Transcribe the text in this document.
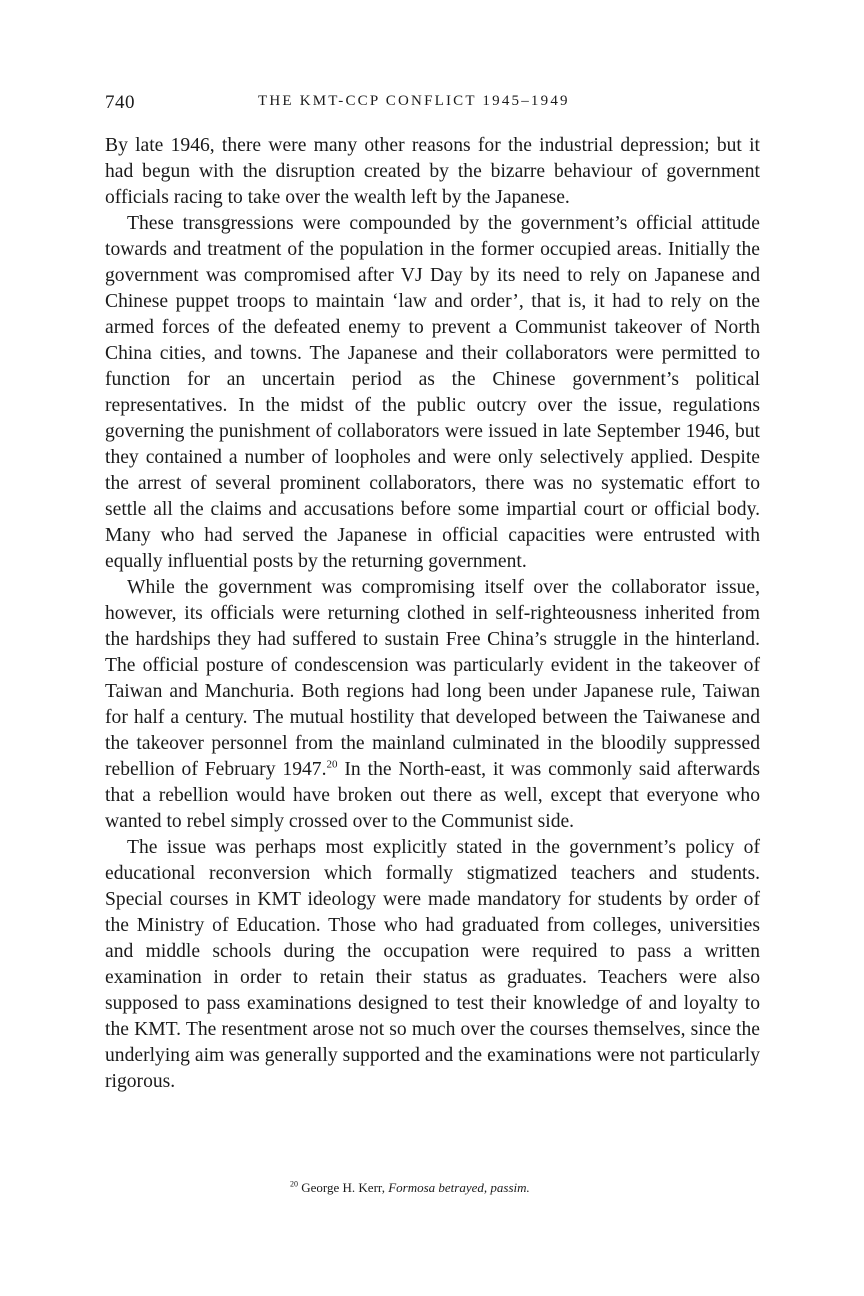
740	THE KMT-CCP CONFLICT 1945–1949

By late 1946, there were many other reasons for the industrial depression; but it had begun with the disruption created by the bizarre behaviour of government officials racing to take over the wealth left by the Japanese.

These transgressions were compounded by the government’s official attitude towards and treatment of the population in the former occupied areas. Initially the government was compromised after VJ Day by its need to rely on Japanese and Chinese puppet troops to maintain ‘law and order’, that is, it had to rely on the armed forces of the defeated enemy to prevent a Communist takeover of North China cities, and towns. The Japanese and their collaborators were permitted to function for an uncertain period as the Chinese government’s political representatives. In the midst of the public outcry over the issue, regulations governing the punishment of collaborators were issued in late September 1946, but they contained a number of loopholes and were only selectively applied. Despite the arrest of several prominent collaborators, there was no systematic effort to settle all the claims and accusations before some impartial court or official body. Many who had served the Japanese in official capacities were entrusted with equally influential posts by the returning government.

While the government was compromising itself over the collaborator issue, however, its officials were returning clothed in self-righteousness inherited from the hardships they had suffered to sustain Free China’s struggle in the hinterland. The official posture of condescension was particularly evident in the takeover of Taiwan and Manchuria. Both regions had long been under Japanese rule, Taiwan for half a century. The mutual hostility that developed between the Taiwanese and the takeover personnel from the mainland culminated in the bloodily suppressed rebellion of February 1947.20 In the North-east, it was commonly said afterwards that a rebellion would have broken out there as well, except that everyone who wanted to rebel simply crossed over to the Communist side.

The issue was perhaps most explicitly stated in the government’s policy of educational reconversion which formally stigmatized teachers and students. Special courses in KMT ideology were made mandatory for students by order of the Ministry of Education. Those who had graduated from colleges, universities and middle schools during the occupation were required to pass a written examination in order to retain their status as graduates. Teachers were also supposed to pass examinations designed to test their knowledge of and loyalty to the KMT. The resentment arose not so much over the courses themselves, since the underlying aim was generally supported and the examinations were not particularly rigorous.

$^{20}$ George H. Kerr, Formosa betrayed, passim.
